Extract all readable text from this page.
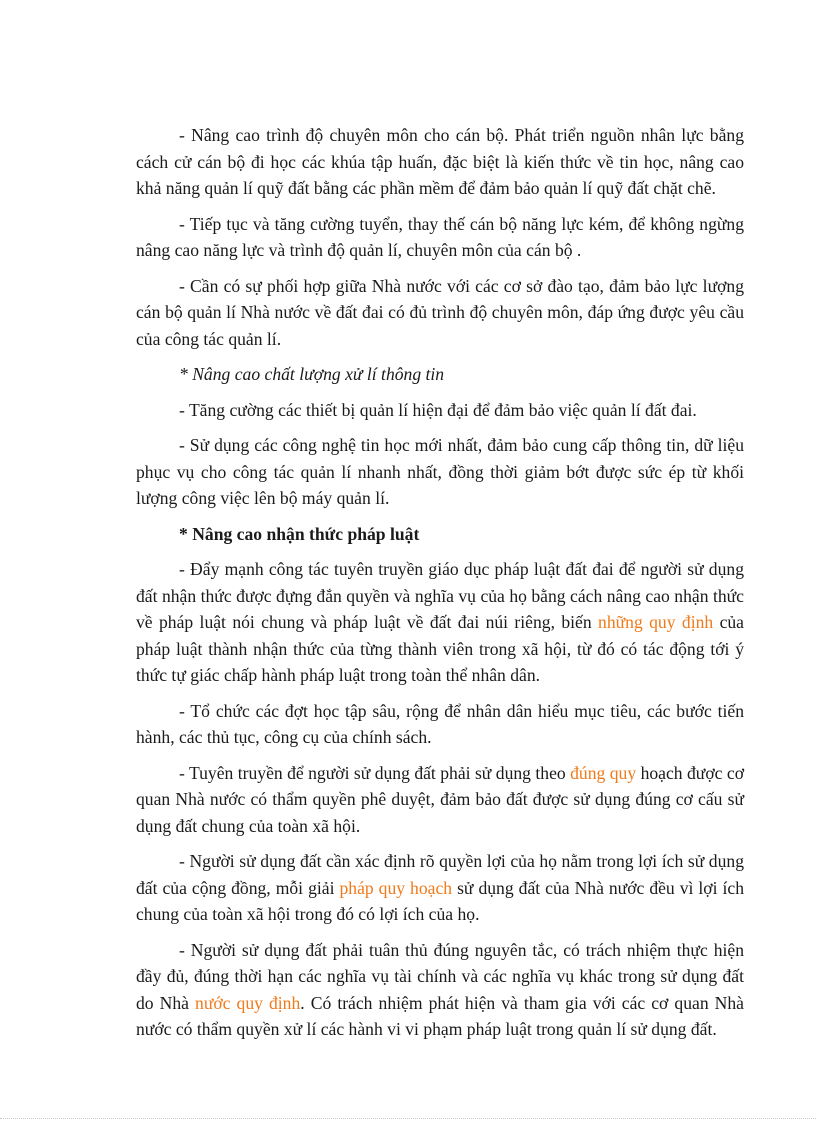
- Nâng cao trình độ chuyên môn cho cán bộ. Phát triển nguồn nhân lực bằng cách cử cán bộ đi học các khúa tập huấn, đặc biệt là kiến thức về tin học, nâng cao khả năng quản lí quỹ đất bằng các phần mềm để đảm bảo quản lí quỹ đất chặt chẽ.

- Tiếp tục và tăng cường tuyển, thay thế cán bộ năng lực kém, để không ngừng nâng cao năng lực và trình độ quản lí, chuyên môn của cán bộ .

- Cần có sự phối hợp giữa Nhà nước với các cơ sở đào tạo, đảm bảo lực lượng cán bộ quản lí Nhà nước về đất đai có đủ trình độ chuyên môn, đáp ứng được yêu cầu của công tác quản lí.

* Nâng cao chất lượng xử lí thông tin

- Tăng cường các thiết bị quản lí hiện đại để đảm bảo việc quản lí đất đai.

- Sử dụng các công nghệ tin học mới nhất, đảm bảo cung cấp thông tin, dữ liệu phục vụ cho công tác quản lí nhanh nhất, đồng thời giảm bớt được sức ép từ khối lượng công việc lên bộ máy quản lí.

* Nâng cao nhận thức pháp luật

- Đẩy mạnh công tác tuyên truyền giáo dục pháp luật đất đai để người sử dụng đất nhận thức được đựng đắn quyền và nghĩa vụ của họ bằng cách nâng cao nhận thức về pháp luật nói chung và pháp luật về đất đai núi riêng, biến những quy định của pháp luật thành nhận thức của từng thành viên trong xã hội, từ đó có tác động tới ý thức tự giác chấp hành pháp luật trong toàn thể nhân dân.

- Tổ chức các đợt học tập sâu, rộng để nhân dân hiểu mục tiêu, các bước tiến hành, các thủ tục, công cụ của chính sách.

- Tuyên truyền để người sử dụng đất phải sử dụng theo đúng quy hoạch được cơ quan Nhà nước có thẩm quyền phê duyệt, đảm bảo đất được sử dụng đúng cơ cấu sử dụng đất chung của toàn xã hội.

- Người sử dụng đất cần xác định rõ quyền lợi của họ nằm trong lợi ích sử dụng đất của cộng đồng, mỗi giải pháp quy hoạch sử dụng đất của Nhà nước đều vì lợi ích chung của toàn xã hội trong đó có lợi ích của họ.

- Người sử dụng đất phải tuân thủ đúng nguyên tắc, có trách nhiệm thực hiện đầy đủ, đúng thời hạn các nghĩa vụ tài chính và các nghĩa vụ khác trong sử dụng đất do Nhà nước quy định. Có trách nhiệm phát hiện và tham gia với các cơ quan Nhà nước có thẩm quyền xử lí các hành vi vi phạm pháp luật trong quản lí sử dụng đất.
